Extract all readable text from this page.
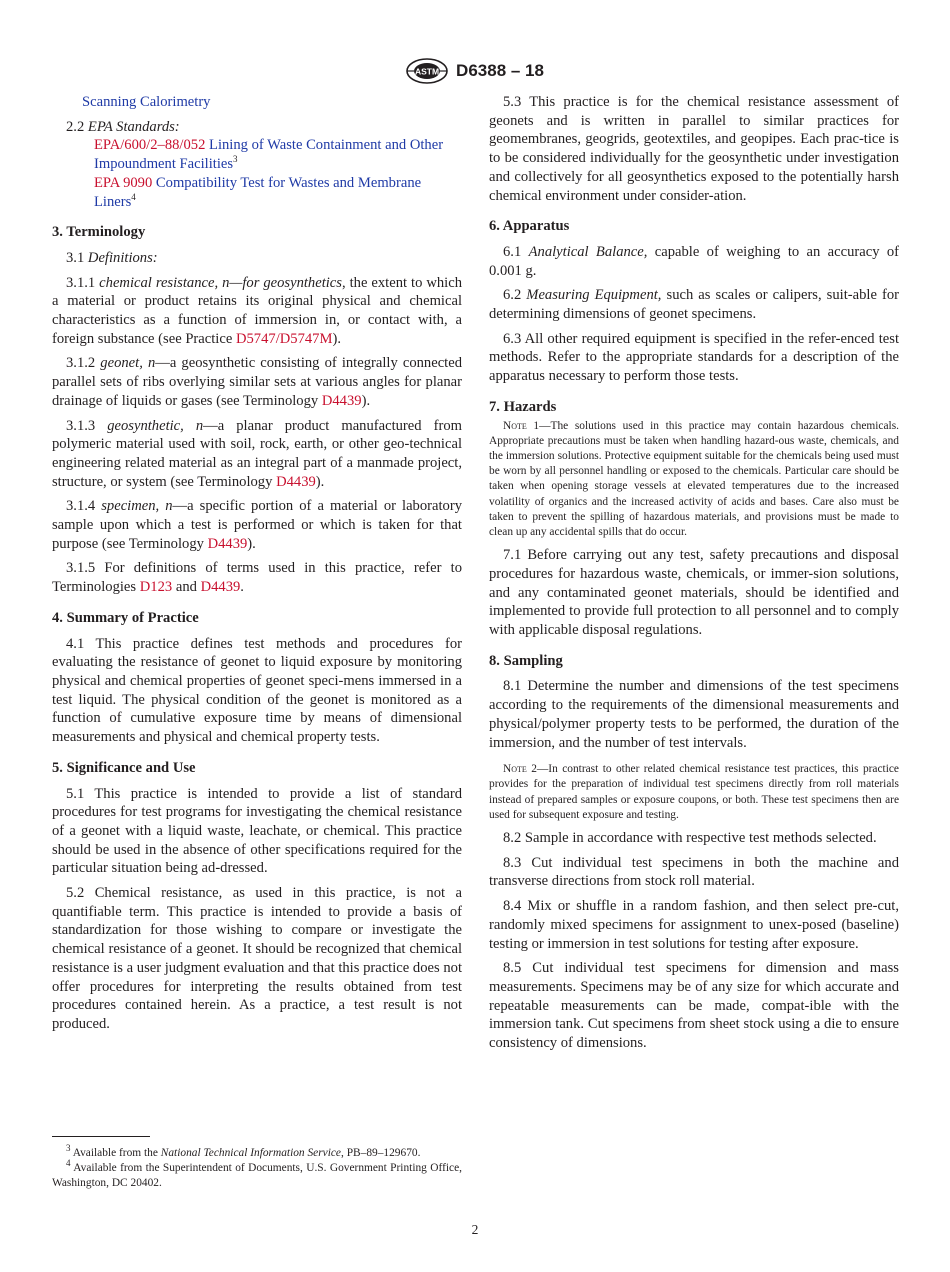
ASTM D6388 – 18

Scanning Calorimetry

2.2 EPA Standards:

EPA/600/2–88/052 Lining of Waste Containment and Other
Impoundment Facilities$^3$

EPA 9090 Compatibility Test for Wastes and Membrane
Liners$^4$

3. Terminology

3.1 Definitions:

3.1.1 chemical resistance, n—for geosynthetics, the extent to which a material or product retains its original physical and chemical characteristics as a function of immersion in, or contact with, a foreign substance (see Practice D5747/D5747M).

3.1.2 geonet, n—a geosynthetic consisting of integrally connected parallel sets of ribs overlying similar sets at various angles for planar drainage of liquids or gases (see Terminology D4439).

3.1.3 geosynthetic, n—a planar product manufactured from polymeric material used with soil, rock, earth, or other geo-technical engineering related material as an integral part of a manmade project, structure, or system (see Terminology D4439).

3.1.4 specimen, n—a specific portion of a material or laboratory sample upon which a test is performed or which is taken for that purpose (see Terminology D4439).

3.1.5 For definitions of terms used in this practice, refer to Terminologies D123 and D4439.

4. Summary of Practice

4.1 This practice defines test methods and procedures for evaluating the resistance of geonet to liquid exposure by monitoring physical and chemical properties of geonet speci-mens immersed in a test liquid. The physical condition of the geonet is monitored as a function of cumulative exposure time by means of dimensional measurements and physical and chemical property tests.

5. Significance and Use

5.1 This practice is intended to provide a list of standard procedures for test programs for investigating the chemical resistance of a geonet with a liquid waste, leachate, or chemical. This practice should be used in the absence of other specifications required for the particular situation being ad-dressed.

5.2 Chemical resistance, as used in this practice, is not a quantifiable term. This practice is intended to provide a basis of standardization for those wishing to compare or investigate the chemical resistance of a geonet. It should be recognized that chemical resistance is a user judgment evaluation and that this practice does not offer procedures for interpreting the results obtained from test procedures contained herein. As a practice, a test result is not produced.

$^3$ Available from the National Technical Information Service, PB–89–129670.

$^4$ Available from the Superintendent of Documents, U.S. Government Printing Office, Washington, DC 20402.

5.3 This practice is for the chemical resistance assessment of geonets and is written in parallel to similar practices for geomembranes, geogrids, geotextiles, and geopipes. Each prac-tice is to be considered individually for the geosynthetic under investigation and collectively for all geosynthetics exposed to the potentially harsh chemical environment under consider-ation.

6. Apparatus

6.1 Analytical Balance, capable of weighing to an accuracy of 0.001 g.

6.2 Measuring Equipment, such as scales or calipers, suit-able for determining dimensions of geonet specimens.

6.3 All other required equipment is specified in the refer-enced test methods. Refer to the appropriate standards for a description of the apparatus necessary to perform those tests.

7. Hazards

Note 1—The solutions used in this practice may contain hazardous chemicals. Appropriate precautions must be taken when handling hazard-ous waste, chemicals, and the immersion solutions. Protective equipment suitable for the chemicals being used must be worn by all personnel handling or exposed to the chemicals. Particular care should be taken when opening storage vessels at elevated temperatures due to the increased volatility of organics and the increased activity of acids and bases. Care also must be taken to prevent the spilling of hazardous materials, and provisions must be made to clean up any accidental spills that do occur.

7.1 Before carrying out any test, safety precautions and disposal procedures for hazardous waste, chemicals, or immer-sion solutions, and any contaminated geonet materials, should be identified and implemented to provide full protection to all personnel and to comply with applicable disposal regulations.

8. Sampling

8.1 Determine the number and dimensions of the test specimens according to the requirements of the dimensional measurements and physical/polymer property tests to be performed, the duration of the immersion, and the number of test intervals.

Note 2—In contrast to other related chemical resistance test practices, this practice provides for the preparation of individual test specimens directly from roll materials instead of prepared samples or exposure coupons, or both. These test specimens then are used for subsequent exposure and testing.

8.2 Sample in accordance with respective test methods selected.

8.3 Cut individual test specimens in both the machine and transverse directions from stock roll material.

8.4 Mix or shuffle in a random fashion, and then select pre-cut, randomly mixed specimens for assignment to unex-posed (baseline) testing or immersion in test solutions for testing after exposure.

8.5 Cut individual test specimens for dimension and mass measurements. Specimens may be of any size for which accurate and repeatable measurements can be made, compat-ible with the immersion tank. Cut specimens from sheet stock using a die to ensure consistency of dimensions.

2
